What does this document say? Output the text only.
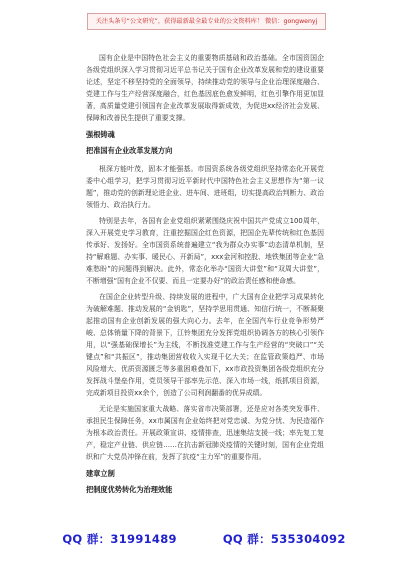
关注头条号“公文研究”，获得最新最全最专业的公文资料库！ 微信：gongwenyj

国有企业是中国特色社会主义的重要物质基础和政治基础。全市国资国企各级党组织深入学习贯彻习近平总书记关于国有企业改革发展和党的建设重要论述，坚定不移坚持党的全面领导，持续推动党的领导与企业治理深度融合、党建工作与生产经营深度融合，红色基因底色愈发鲜明，红色引擎作用更加显著，高质量党建引领国有企业改革发展取得新成效，为促进xx经济社会发展、保障和改善民生提供了重要支撑。

强根铸魂
把准国有企业改革发展方向

根深方能叶茂，固本才能强基。市国资系统各级党组织坚持常态化开展党委中心组学习，把学习贯彻习近平新时代中国特色社会主义思想作为“第一议题”，推动党的创新理论进企业、进车间、进班组，切实提高政治判断力、政治领悟力、政治执行力。

特别是去年，各国有企业党组织紧紧围绕庆祝中国共产党成立100周年，深入开展党史学习教育，注重挖掘国企红色资源，把国企先辈传统和红色基因传承好、发扬好。全市国资系统普遍建立“我为群众办实事”动态清单机制，坚持“解难题、办实事、暖民心、开新局”，xxx金河和控股、地铁集团等企业“急难愁盼”的问题得到解决。此外，常态化举办“国资大讲堂”和“双周大讲堂”，不断增强“国有企业不仅要、而且一定要办好”的政治责任感和使命感。

在国企企业转型升级、持续发展的进程中，广大国有企业把学习成果转化为破解难题、推动发展的“金钥匙”，坚持学思用贯通、知信行统一，不断凝聚起推动国有企业创新发展的强大向心力。去年，在全国汽车行业竞争形势严峻、总体销量下降的背景下，江铃集团充分发挥党组织协调各方的核心引领作用，以“强基础保增长”为主线，不断找准党建工作与生产经营的“突破口”“关键点”和“共振区”，推动集团营收收入实现千亿大关；在监管政策趋严、市场风险增大、优质资源匮乏等多重困难叠加下，xx市政投资集团各级党组织充分发挥战斗堡垒作用，党员领导干部率先示范、深入市场一线，纸抓项目资源，完成新项目投资xx余个，创造了公司利润翻番的优异成绩。

无论是实施国家重大战略、落实省市决策部署，还是应对各类突发事件、承担民生保障任务，xx市属国有企业始终把对党忠诚、为党分忧、为民造福作为根本政治责任。开展政策宣讲、疫情排查，迅速集结支援一线；率先复工复产，稳定产业链、供应链……在抗击新冠肺炎疫情的关键时刻，国有企业党组织和广大党员冲锋在前，发挥了抗疫“主力军”的重要作用。

建章立制
把制度优势转化为治理效能
QQ 群：31991489	QQ 群：535304092
